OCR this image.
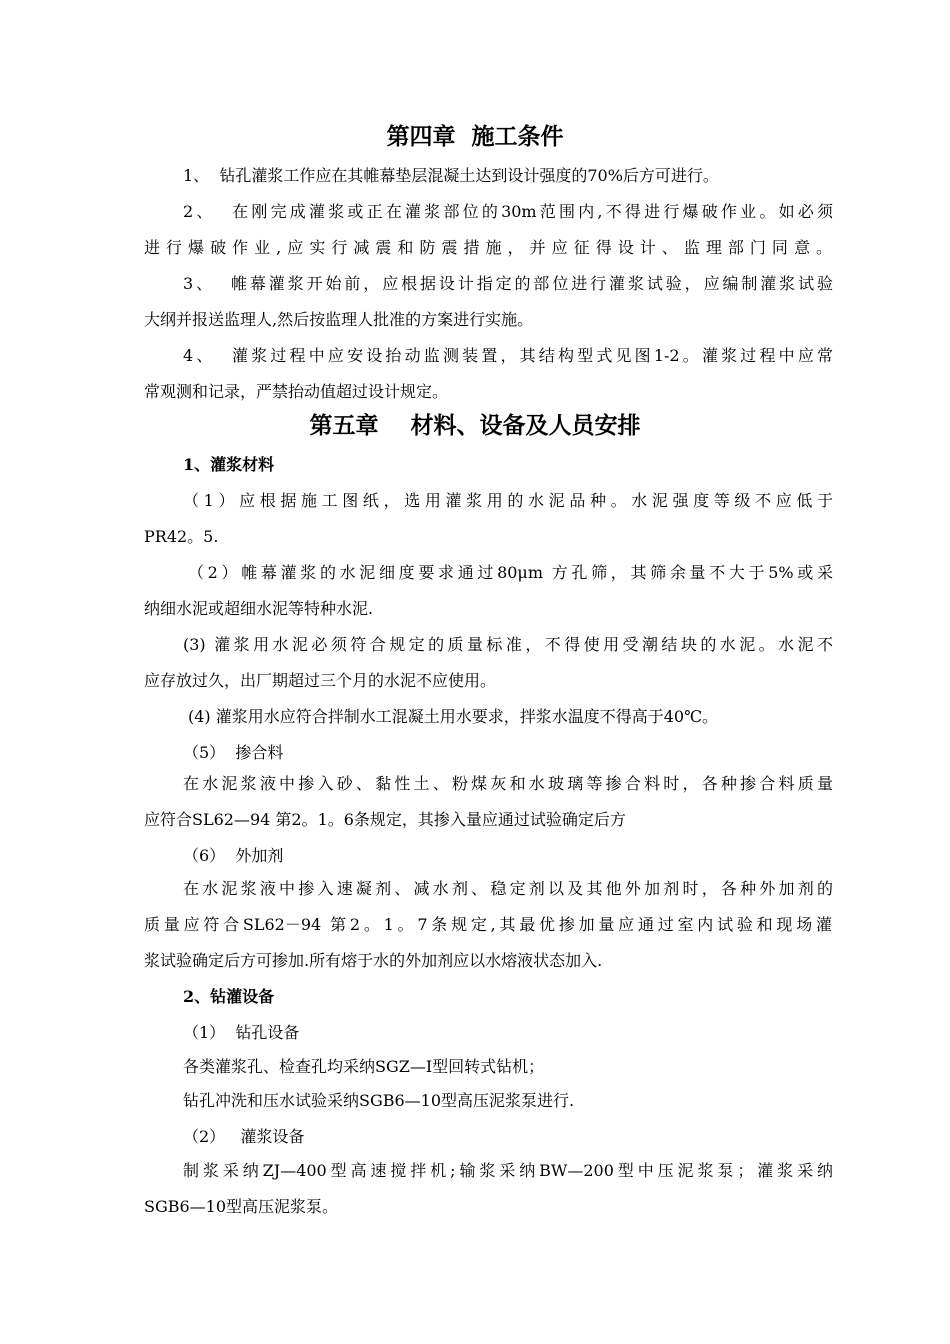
第四章  施工条件
1、  钻孔灌浆工作应在其帷幕垫层混凝土达到设计强度的70%后方可进行。
2、  在刚完成灌浆或正在灌浆部位的30m范围内,不得进行爆破作业。如必须
进行爆破作业,应实行减震和防震措施，并应征得设计、监理部门同意。
3、  帷幕灌浆开始前，应根据设计指定的部位进行灌浆试验，应编制灌浆试验
大纲并报送监理人,然后按监理人批准的方案进行实施。
4、  灌浆过程中应安设抬动监测装置，其结构型式见图1-2。灌浆过程中应常
常观测和记录，严禁抬动值超过设计规定。
第五章    材料、设备及人员安排
1、灌浆材料
（1）应根据施工图纸，选用灌浆用的水泥品种。水泥强度等级不应低于
PR42。5.
（2）帷幕灌浆的水泥细度要求通过80μm 方孔筛，其筛余量不大于5%或采
纳细水泥或超细水泥等特种水泥.
(3) 灌浆用水泥必须符合规定的质量标准，不得使用受潮结块的水泥。水泥不
应存放过久，出厂期超过三个月的水泥不应使用。
(4) 灌浆用水应符合拌制水工混凝土用水要求，拌浆水温度不得高于40℃。
（5）  掺合料
在水泥浆液中掺入砂、黏性土、粉煤灰和水玻璃等掺合料时，各种掺合料质量
应符合SL62—94 第2。1。6条规定，其掺入量应通过试验确定后方
（6）  外加剂
在水泥浆液中掺入速凝剂、减水剂、稳定剂以及其他外加剂时，各种外加剂的
质量应符合SL62－94 第2。1。7条规定,其最优掺加量应通过室内试验和现场灌
浆试验确定后方可掺加.所有熔于水的外加剂应以水熔液状态加入.
2、钻灌设备
（1）  钻孔设备
各类灌浆孔、检查孔均采纳SGZ—I型回转式钻机；
钻孔冲洗和压水试验采纳SGB6—10型高压泥浆泵进行.
（2）   灌浆设备
制浆采纳ZJ—400型高速搅拌机;输浆采纳BW—200型中压泥浆泵；灌浆采纳
SGB6—10型高压泥浆泵。
